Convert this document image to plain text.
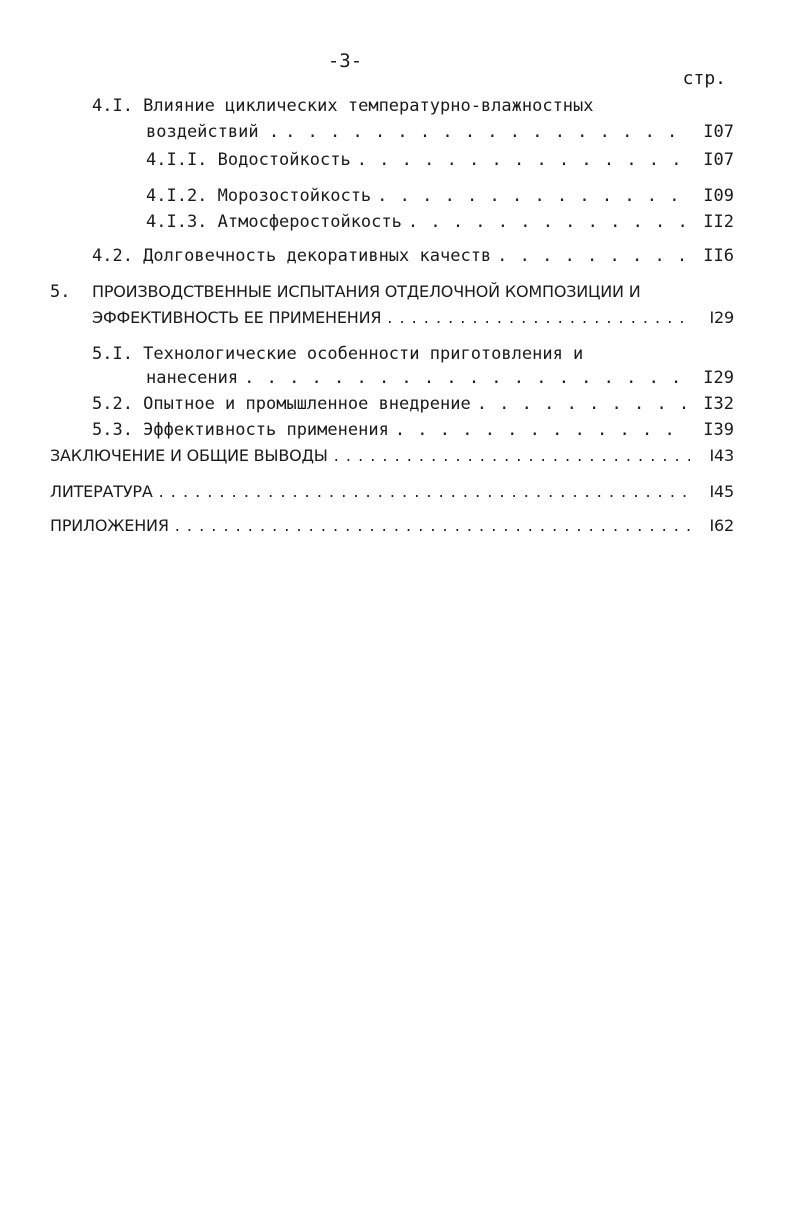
-3-
стр.
4.I. Влияние циклических температурно-влажностных
воздействий . . . .	I07
4.I.I. Водостойкость . . .	I07
4.I.2. Морозостойкость . . .	I09
4.I.3. Атмосферостойкость . . .	II2
4.2. Долговечность декоративных качеств . . .	II6
5. ПРОИЗВОДСТВЕННЫЕ ИСПЫТАНИЯ ОТДЕЛОЧНОЙ КОМПОЗИЦИИ И
ЭФФЕКТИВНОСТЬ ЕЕ ПРИМЕНЕНИЯ . . .	I29
5.I. Технологические особенности приготовления и
нанесения . . .	I29
5.2. Опытное и промышленное внедрение . . .	I32
5.3. Эффективность применения . . .	I39
ЗАКЛЮЧЕНИЕ И ОБЩИЕ ВЫВОДЫ . . .	I43
ЛИТЕРАТУРА . . .	I45
ПРИЛОЖЕНИЯ . . .	I62
